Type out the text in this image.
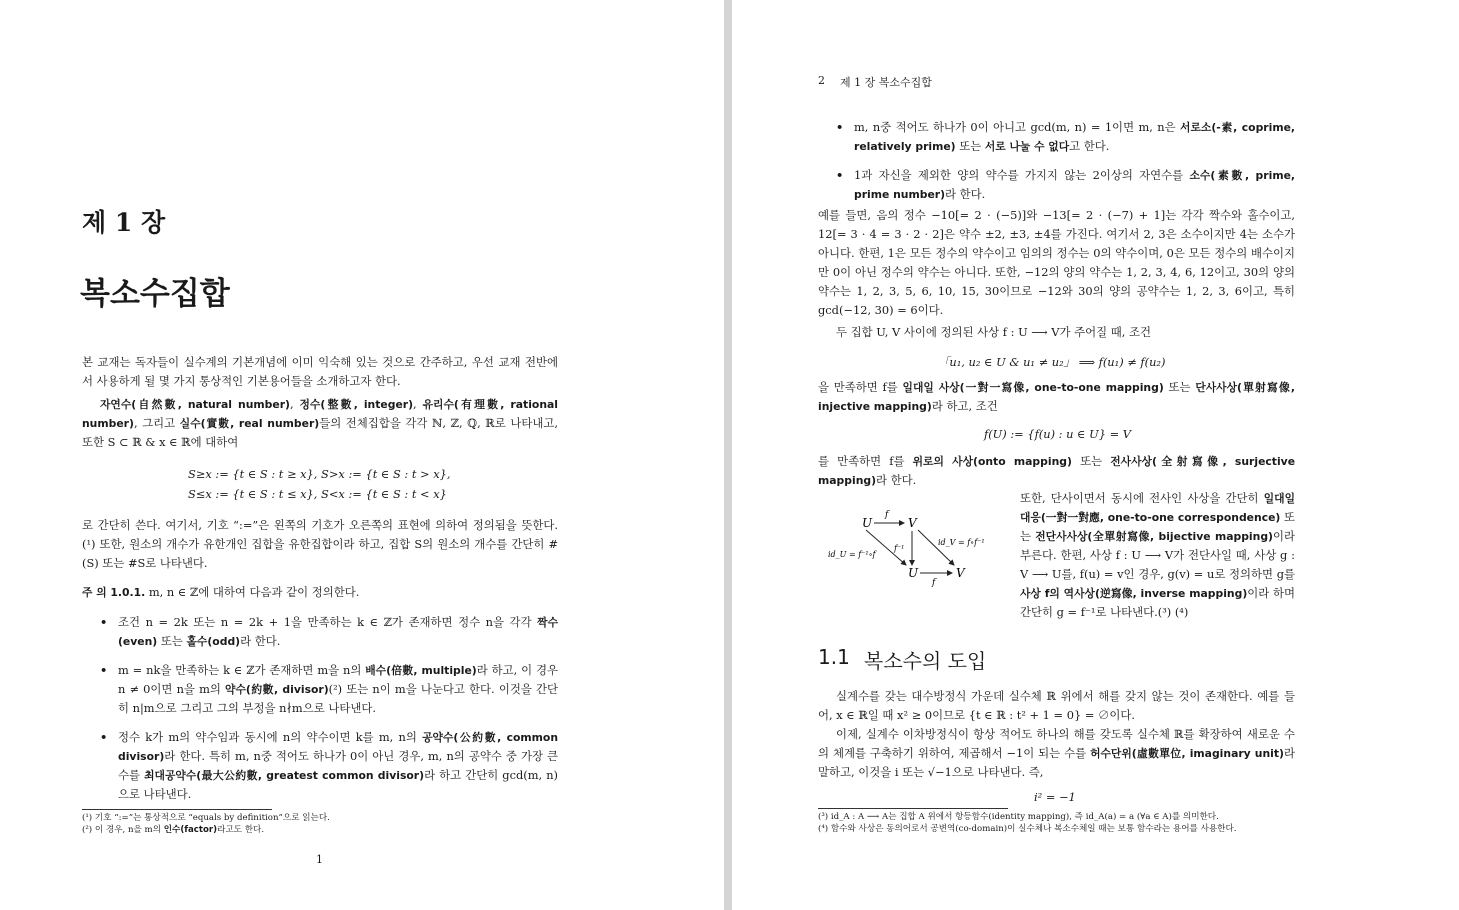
제 1 장
복소수집합
본 교재는 독자들이 실수계의 기본개념에 이미 익숙해 있는 것으로 간주하고, 우선 교재 전반에서 사용하게 될 몇 가지 통상적인 기본용어들을 소개하고자 한다.
자연수(自然數, natural number), 정수(整數, integer), 유리수(有理數, rational number), 그리고 실수(實數, real number)들의 전체집합을 각각 ℕ, ℤ, ℚ, ℝ로 나타내고, 또한 S ⊂ ℝ & x ∈ ℝ에 대하여
S≥x := {t ∈ S : t ≥ x}, S>x := {t ∈ S : t > x},
S≤x := {t ∈ S : t ≤ x}, S<x := {t ∈ S : t < x}
로 간단히 쓴다. 여기서, 기호 “:=”은 왼쪽의 기호가 오른쪽의 표현에 의하여 정의됨을 뜻한다.(¹) 또한, 원소의 개수가 유한개인 집합을 유한집합이라 하고, 집합 S의 원소의 개수를 간단히 #(S) 또는 #S로 나타낸다.
주 의 1.0.1. m, n ∈ ℤ에 대하여 다음과 같이 정의한다.
• 조건 n = 2k 또는 n = 2k + 1을 만족하는 k ∈ ℤ가 존재하면 정수 n을 각각 짝수(even) 또는 홀수(odd)라 한다.
• m = nk을 만족하는 k ∈ ℤ가 존재하면 m을 n의 배수(倍數, multiple)라 하고, 이 경우 n ≠ 0이면 n을 m의 약수(約數, divisor)(²) 또는 n이 m을 나눈다고 한다. 이것을 간단히 n|m으로 그리고 그의 부정을 n∤m으로 나타낸다.
• 정수 k가 m의 약수임과 동시에 n의 약수이면 k를 m, n의 공약수(公約數, common divisor)라 한다. 특히 m, n중 적어도 하나가 0이 아닌 경우, m, n의 공약수 중 가장 큰 수를 최대공약수(最大公約數, greatest common divisor)라 하고 간단히 gcd(m, n)으로 나타낸다.
(¹) 기호 “:=”는 통상적으로 “equals by definition”으로 읽는다.
(²) 이 경우, n을 m의 인수(factor)라고도 한다.
1
2 제 1 장 복소수집합
• m, n중 적어도 하나가 0이 아니고 gcd(m, n) = 1이면 m, n은 서로소(-素, coprime, relatively prime) 또는 서로 나눌 수 없다고 한다.
• 1과 자신을 제외한 양의 약수를 가지지 않는 2이상의 자연수를 소수(素數, prime, prime number)라 한다.
예를 들면, 음의 정수 −10[= 2 · (−5)]와 −13[= 2 · (−7) + 1]는 각각 짝수와 홀수이고, 12[= 3 · 4 = 3 · 2 · 2]은 약수 ±2, ±3, ±4를 가진다. 여기서 2, 3은 소수이지만 4는 소수가 아니다. 한편, 1은 모든 정수의 약수이고 임의의 정수는 0의 약수이며, 0은 모든 정수의 배수이지만 0이 아닌 정수의 약수는 아니다. 또한, −12의 양의 약수는 1, 2, 3, 4, 6, 12이고, 30의 양의 약수는 1, 2, 3, 5, 6, 10, 15, 30이므로 −12와 30의 양의 공약수는 1, 2, 3, 6이고, 특히 gcd(−12, 30) = 6이다.
두 집합 U, V 사이에 정의된 사상 f : U ⟶ V가 주어질 때, 조건
「u₁, u₂ ∈ U & u₁ ≠ u₂」 ⟹ f(u₁) ≠ f(u₂)
을 만족하면 f를 일대일 사상(一對一寫像, one-to-one mapping) 또는 단사사상(單射寫像, injective mapping)라 하고, 조건
f(U) := {f(u) : u ∈ U} = V
를 만족하면 f를 위로의 사상(onto mapping) 또는 전사사상(全射寫像, surjective mapping)라 한다.
U	V
U	V
f
f⁻¹
f
id_U = f⁻¹∘f
id_V = f∘f⁻¹
또한, 단사이면서 동시에 전사인 사상을 간단히 일대일 대응(一對一對應, one-to-one correspondence) 또는 전단사사상(全單射寫像, bijective mapping)이라 부른다. 한편, 사상 f : U ⟶ V가 전단사일 때, 사상 g : V ⟶ U를, f(u) = v인 경우, g(v) = u로 정의하면 g를 사상 f의 역사상(逆寫像, inverse mapping)이라 하며 간단히 g = f⁻¹로 나타낸다.(³) (⁴)
1.1 복소수의 도입
실계수를 갖는 대수방정식 가운데 실수체 ℝ 위에서 해를 갖지 않는 것이 존재한다. 예를 들어, x ∈ ℝ일 때 x² ≥ 0이므로 {t ∈ ℝ : t² + 1 = 0} = ∅이다.
이제, 실계수 이차방정식이 항상 적어도 하나의 해를 갖도록 실수체 ℝ를 확장하여 새로운 수의 체계를 구축하기 위하여, 제곱해서 −1이 되는 수를 허수단위(虛數單位, imaginary unit)라 말하고, 이것을 i 또는 √−1으로 나타낸다. 즉,
i² = −1
(³) id_A : A ⟶ A는 집합 A 위에서 항등함수(identity mapping), 즉 id_A(a) = a (∀a ∈ A)를 의미한다.
(⁴) 함수와 사상은 동의어로서 공변역(co-domain)이 실수체나 복소수체일 때는 보통 함수라는 용어를 사용한다.
